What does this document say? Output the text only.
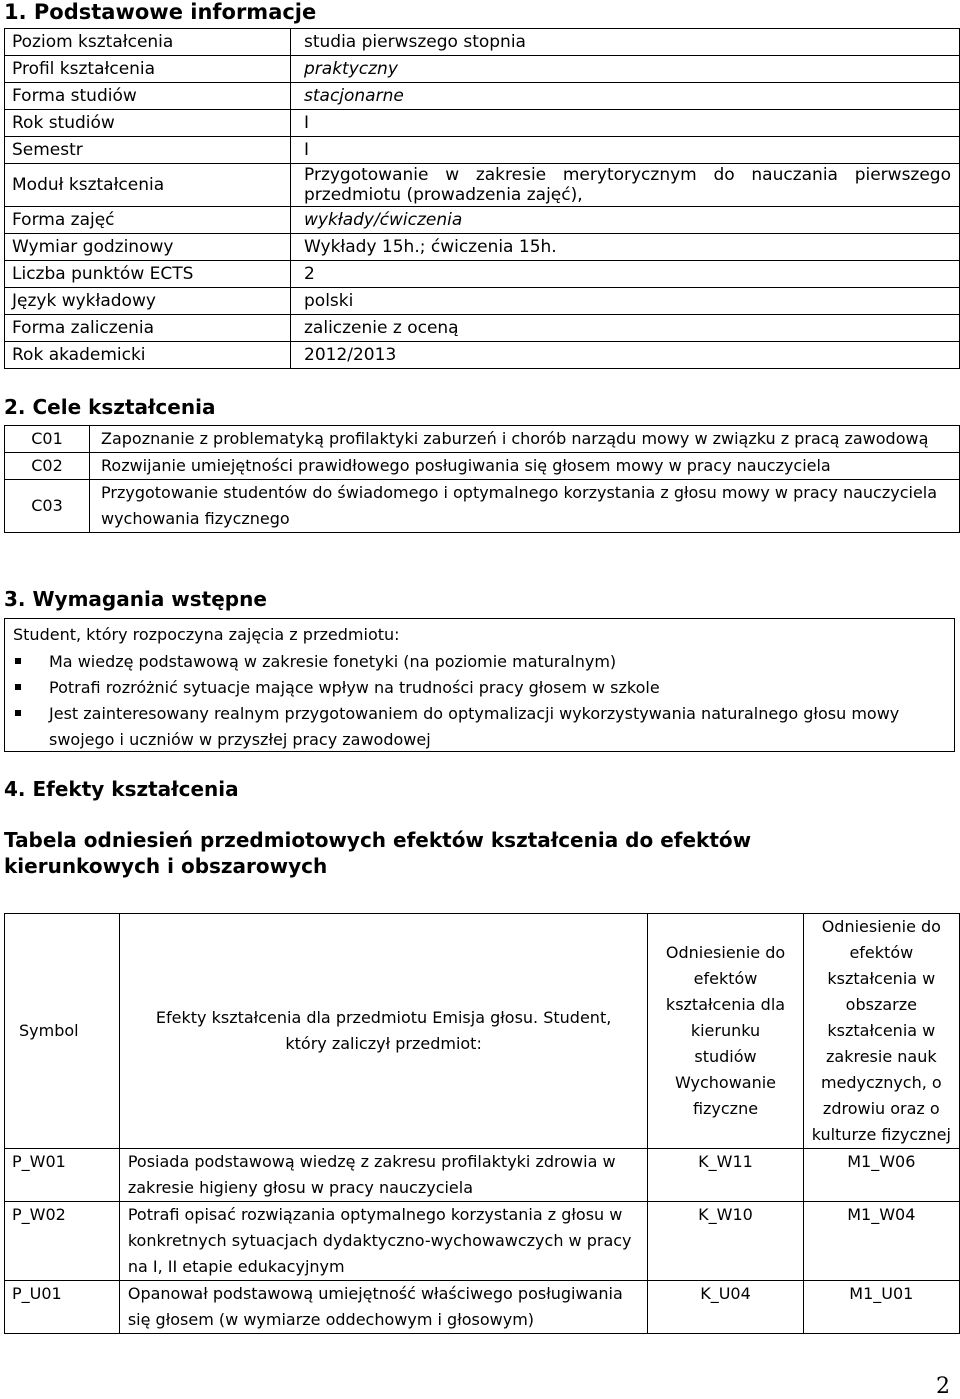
1. Podstawowe informacje
Poziom kształcenia	studia pierwszego stopnia
Profil kształcenia	praktyczny
Forma studiów	stacjonarne
Rok studiów	I
Semestr	I
Moduł kształcenia	Przygotowanie w zakresie merytorycznym do nauczania pierwszego przedmiotu (prowadzenia zajęć),
Forma zajęć	wykłady/ćwiczenia
Wymiar godzinowy	Wykłady 15h.; ćwiczenia 15h.
Liczba punktów ECTS	2
Język wykładowy	polski
Forma zaliczenia	zaliczenie z oceną
Rok akademicki	2012/2013
2. Cele kształcenia
C01	Zapoznanie z problematyką profilaktyki zaburzeń i chorób narządu mowy w związku z pracą zawodową
C02	Rozwijanie umiejętności prawidłowego posługiwania się głosem mowy w pracy nauczyciela
C03	Przygotowanie studentów do świadomego i optymalnego korzystania z głosu mowy w pracy nauczyciela wychowania fizycznego
3. Wymagania wstępne
Student, który rozpoczyna zajęcia z przedmiotu:
Ma wiedzę podstawową w zakresie fonetyki (na poziomie maturalnym)
Potrafi rozróżnić sytuacje mające wpływ na trudności pracy głosem w szkole
Jest zainteresowany realnym przygotowaniem do optymalizacji wykorzystywania naturalnego głosu mowy swojego i uczniów w przyszłej pracy zawodowej
4. Efekty kształcenia
Tabela odniesień przedmiotowych efektów kształcenia do efektów kierunkowych i obszarowych
Symbol	Efekty kształcenia dla przedmiotu Emisja głosu. Student, który zaliczył przedmiot:	Odniesienie do efektów kształcenia dla kierunku studiów Wychowanie fizyczne	Odniesienie do efektów kształcenia w obszarze kształcenia w zakresie nauk medycznych, o zdrowiu oraz o kulturze fizycznej

P_W01	Posiada podstawową wiedzę z zakresu profilaktyki zdrowia w zakresie higieny głosu w pracy nauczyciela	K_W11	M1_W06
P_W02	Potrafi opisać rozwiązania optymalnego korzystania z głosu w konkretnych sytuacjach dydaktyczno-wychowawczych w pracy na I, II etapie edukacyjnym	K_W10	M1_W04
P_U01	Opanował podstawową umiejętność właściwego posługiwania się głosem (w wymiarze oddechowym i głosowym)	K_U04	M1_U01
2
